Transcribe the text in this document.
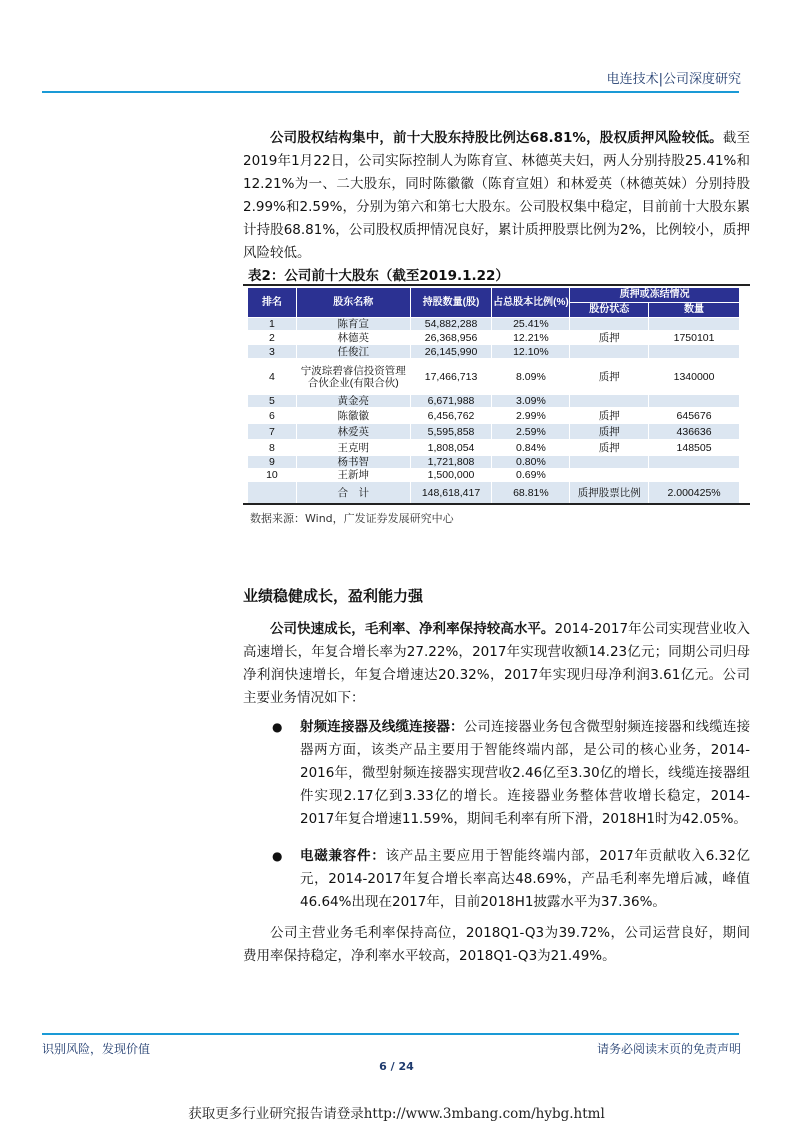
电连技术|公司深度研究

公司股权结构集中，前十大股东持股比例达68.81%，股权质押风险较低。截至2019年1月22日，公司实际控制人为陈育宣、林德英夫妇，两人分别持股25.41%和12.21%为一、二大股东，同时陈徽徽（陈育宣姐）和林爱英（林德英妹）分别持股2.99%和2.59%，分别为第六和第七大股东。公司股权集中稳定，目前前十大股东累计持股68.81%，公司股权质押情况良好，累计质押股票比例为2%，比例较小，质押风险较低。

表2：公司前十大股东（截至2019.1.22）
排名	股东名称	持股数量(股)	占总股本比例(%)	质押或冻结情况	
				股份状态	数量
1	陈育宣	54,882,288	25.41%		
2	林德英	26,368,956	12.21%	质押	1750101
3	任俊江	26,145,990	12.10%		
4	宁波琮碧睿信投资管理合伙企业(有限合伙)	17,466,713	8.09%	质押	1340000
5	黄金亮	6,671,988	3.09%		
6	陈徽徽	6,456,762	2.99%	质押	645676
7	林爱英	5,595,858	2.59%	质押	436636
8	王克明	1,808,054	0.84%	质押	148505
9	杨书智	1,721,808	0.80%		
10	王新坤	1,500,000	0.69%		
	合　计	148,618,417	68.81%	质押股票比例	2.000425%
数据来源：Wind，广发证券发展研究中心
业绩稳健成长，盈利能力强

公司快速成长，毛利率、净利率保持较高水平。2014-2017年公司实现营业收入高速增长，年复合增长率为27.22%，2017年实现营收额14.23亿元；同期公司归母净利润快速增长，年复合增速达20.32%，2017年实现归母净利润3.61亿元。公司主要业务情况如下：

● 射频连接器及线缆连接器：公司连接器业务包含微型射频连接器和线缆连接器两方面，该类产品主要用于智能终端内部，是公司的核心业务，2014-2016年，微型射频连接器实现营收2.46亿至3.30亿的增长，线缆连接器组件实现2.17亿到3.33亿的增长。连接器业务整体营收增长稳定，2014-2017年复合增速11.59%，期间毛利率有所下滑，2018H1时为42.05%。

● 电磁兼容件：该产品主要应用于智能终端内部，2017年贡献收入6.32亿元，2014-2017年复合增长率高达48.69%，产品毛利率先增后减，峰值46.64%出现在2017年，目前2018H1披露水平为37.36%。

公司主营业务毛利率保持高位，2018Q1-Q3为39.72%，公司运营良好，期间费用率保持稳定，净利率水平较高，2018Q1-Q3为21.49%。

识别风险，发现价值	请务必阅读末页的免责声明
6 / 24
获取更多行业研究报告请登录http://www.3mbang.com/hybg.html
